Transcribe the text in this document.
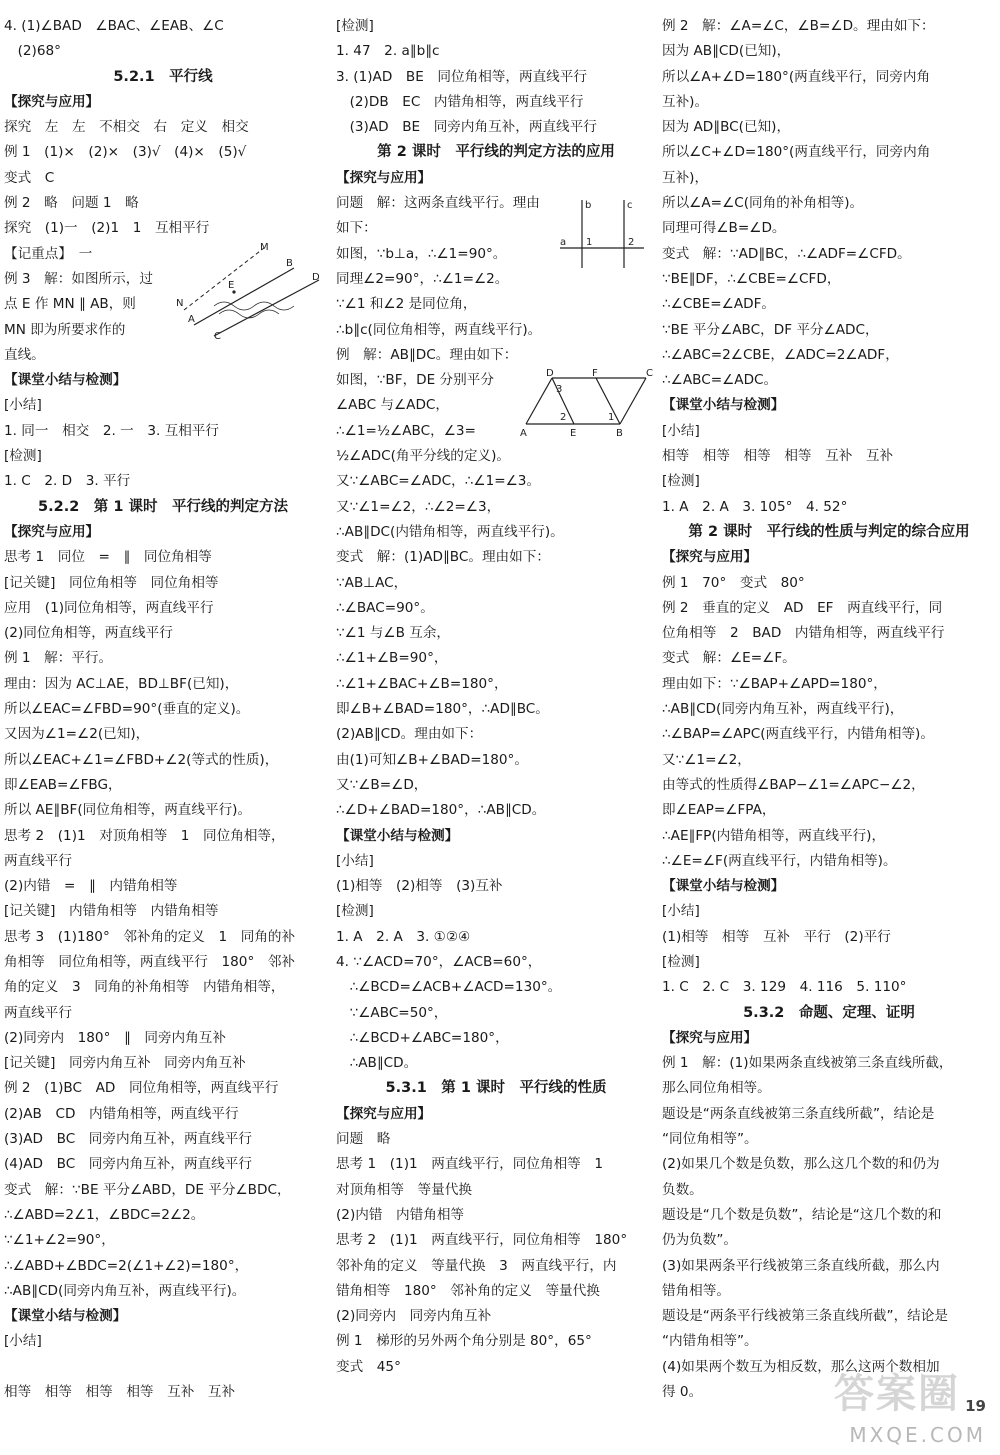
4. (1)∠BAD　∠BAC、∠EAB、∠C
　(2)68°
5.2.1　平行线
【探究与应用】
探究　左　左　不相交　右　定义　相交
例 1　(1)×　(2)×　(3)√　(4)×　(5)√
变式　C
例 2　略　问题 1　略
探究　(1)一　(2)1　1　互相平行
【记重点】　一
例 3　解：如图所示，过
点 E 作 MN ∥ AB，则
MN 即为所要求作的
直线。
【课堂小结与检测】
[小结]
1. 同一　相交　2. 一　3. 互相平行
[检测]
1. C　2. D　3. 平行
5.2.2　第 1 课时　平行线的判定方法
【探究与应用】
思考 1　同位　=　∥　同位角相等
[记关键]　同位角相等　同位角相等
应用　(1)同位角相等，两直线平行
(2)同位角相等，两直线平行
例 1　解：平行。
理由：因为 AC⊥AE，BD⊥BF(已知)，
所以∠EAC=∠FBD=90°(垂直的定义)。
又因为∠1=∠2(已知)，
所以∠EAC+∠1=∠FBD+∠2(等式的性质)，
即∠EAB=∠FBG，
所以 AE∥BF(同位角相等，两直线平行)。
思考 2　(1)1　对顶角相等　1　同位角相等，
两直线平行
(2)内错　=　∥　内错角相等
[记关键]　内错角相等　内错角相等
思考 3　(1)180°　邻补角的定义　1　同角的补
角相等　同位角相等，两直线平行　180°　邻补
角的定义　3　同角的补角相等　内错角相等，
两直线平行
(2)同旁内　180°　∥　同旁内角互补
[记关键]　同旁内角互补　同旁内角互补
例 2　(1)BC　AD　同位角相等，两直线平行
(2)AB　CD　内错角相等，两直线平行
(3)AD　BC　同旁内角互补，两直线平行
(4)AD　BC　同旁内角互补，两直线平行
变式　解：∵BE 平分∠ABD，DE 平分∠BDC，
∴∠ABD=2∠1，∠BDC=2∠2。
∵∠1+∠2=90°，
∴∠ABD+∠BDC=2(∠1+∠2)=180°，
∴AB∥CD(同旁内角互补，两直线平行)。
【课堂小结与检测】
[小结]
相等　相等　相等　相等　互补　互补
[检测]
1. 47　2. a∥b∥c
3. (1)AD　BE　同位角相等，两直线平行
　(2)DB　EC　内错角相等，两直线平行
　(3)AD　BE　同旁内角互补，两直线平行
第 2 课时　平行线的判定方法的应用
【探究与应用】
问题　解：这两条直线平行。理由
如下：
如图，∵b⊥a，∴∠1=90°。
同理∠2=90°，∴∠1=∠2。
∵∠1 和∠2 是同位角，
∴b∥c(同位角相等，两直线平行)。
例　解：AB∥DC。理由如下：
如图，∵BF，DE 分别平分
∠ABC 与∠ADC，
∴∠1=½∠ABC，∠3=
½∠ADC(角平分线的定义)。
又∵∠ABC=∠ADC，∴∠1=∠3。
又∵∠1=∠2，∴∠2=∠3，
∴AB∥DC(内错角相等，两直线平行)。
变式　解：(1)AD∥BC。理由如下：
∵AB⊥AC，
∴∠BAC=90°。
∵∠1 与∠B 互余，
∴∠1+∠B=90°，
∴∠1+∠BAC+∠B=180°，
即∠B+∠BAD=180°，∴AD∥BC。
(2)AB∥CD。理由如下：
由(1)可知∠B+∠BAD=180°。
又∵∠B=∠D，
∴∠D+∠BAD=180°，∴AB∥CD。
【课堂小结与检测】
[小结]
(1)相等　(2)相等　(3)互补
[检测]
1. A　2. A　3. ①②④
4. ∵∠ACD=70°，∠ACB=60°，
　∴∠BCD=∠ACB+∠ACD=130°。
　∵∠ABC=50°，
　∴∠BCD+∠ABC=180°，
　∴AB∥CD。
5.3.1　第 1 课时　平行线的性质
【探究与应用】
问题　略
思考 1　(1)1　两直线平行，同位角相等　1
对顶角相等　等量代换
(2)内错　内错角相等
思考 2　(1)1　两直线平行，同位角相等　180°
邻补角的定义　等量代换　3　两直线平行，内
错角相等　180°　邻补角的定义　等量代换
(2)同旁内　同旁内角互补
例 1　梯形的另外两个角分别是 80°，65°
变式　45°
例 2　解：∠A=∠C，∠B=∠D。理由如下：
因为 AB∥CD(已知)，
所以∠A+∠D=180°(两直线平行，同旁内角
互补)。
因为 AD∥BC(已知)，
所以∠C+∠D=180°(两直线平行，同旁内角
互补)，
所以∠A=∠C(同角的补角相等)。
同理可得∠B=∠D。
变式　解：∵AD∥BC，∴∠ADF=∠CFD。
∵BE∥DF，∴∠CBE=∠CFD，
∴∠CBE=∠ADF。
∵BE 平分∠ABC，DF 平分∠ADC，
∴∠ABC=2∠CBE，∠ADC=2∠ADF，
∴∠ABC=∠ADC。
【课堂小结与检测】
[小结]
相等　相等　相等　相等　互补　互补
[检测]
1. A　2. A　3. 105°　4. 52°
第 2 课时　平行线的性质与判定的综合应用
【探究与应用】
例 1　70°　变式　80°
例 2　垂直的定义　AD　EF　两直线平行，同
位角相等　2　BAD　内错角相等，两直线平行
变式　解：∠E=∠F。
理由如下：∵∠BAP+∠APD=180°，
∴AB∥CD(同旁内角互补，两直线平行)，
∴∠BAP=∠APC(两直线平行，内错角相等)。
又∵∠1=∠2，
由等式的性质得∠BAP−∠1=∠APC−∠2，
即∠EAP=∠FPA，
∴AE∥FP(内错角相等，两直线平行)，
∴∠E=∠F(两直线平行，内错角相等)。
【课堂小结与检测】
[小结]
(1)相等　相等　互补　平行　(2)平行
[检测]
1. C　2. C　3. 129　4. 116　5. 110°
5.3.2　命题、定理、证明
【探究与应用】
例 1　解：(1)如果两条直线被第三条直线所截，
那么同位角相等。
题设是“两条直线被第三条直线所截”，结论是
“同位角相等”。
(2)如果几个数是负数，那么这几个数的和仍为
负数。
题设是“几个数是负数”，结论是“这几个数的和
仍为负数”。
(3)如果两条平行线被第三条直线所截，那么内
错角相等。
题设是“两条平行线被第三条直线所截”，结论是
“内错角相等”。
(4)如果两个数互为相反数，那么这两个数相加
得 0。
M
N
E
A
B
C
D
a 1	2
b	c
D	F	C
A	E	B
3
2	1
答案圈 19
MXQE.COM
